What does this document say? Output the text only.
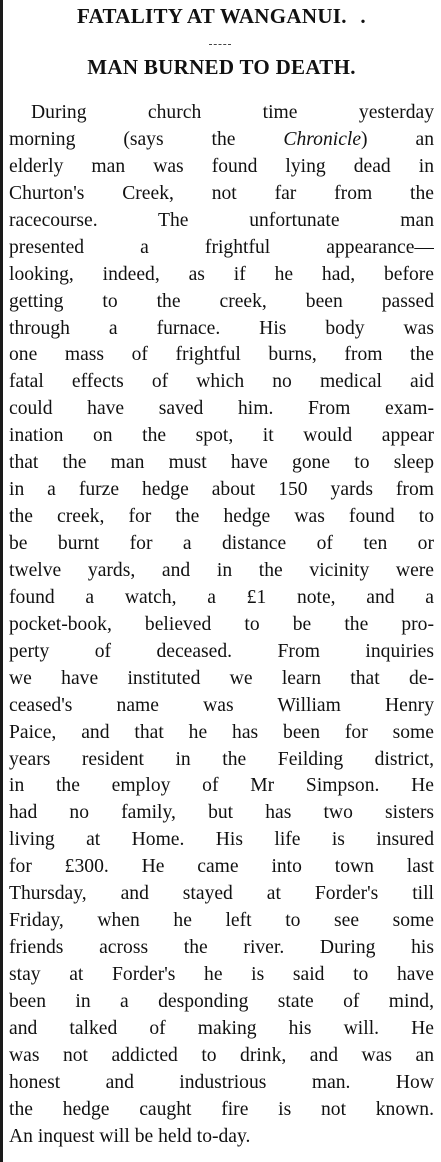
FATALITY AT WANGANUI. .
MAN BURNED TO DEATH.
During church time yesterday
morning (says the Chronicle) an
elderly man was found lying dead in
Churton's Creek, not far from the
racecourse. The unfortunate man
presented a frightful appearance—
looking, indeed, as if he had, before
getting to the creek, been passed
through a furnace. His body was
one mass of frightful burns, from the
fatal effects of which no medical aid
could have saved him. From exam-
ination on the spot, it would appear
that the man must have gone to sleep
in a furze hedge about 150 yards from
the creek, for the hedge was found to
be burnt for a distance of ten or
twelve yards, and in the vicinity were
found a watch, a £1 note, and a
pocket-book, believed to be the pro-
perty of deceased. From inquiries
we have instituted we learn that de-
ceased's name was William Henry
Paice, and that he has been for some
years resident in the Feilding district,
in the employ of Mr Simpson. He
had no family, but has two sisters
living at Home. His life is insured
for £300. He came into town last
Thursday, and stayed at Forder's till
Friday, when he left to see some
friends across the river. During his
stay at Forder's he is said to have
been in a desponding state of mind,
and talked of making his will. He
was not addicted to drink, and was an
honest and industrious man. How
the hedge caught fire is not known.
An inquest will be held to-day.
